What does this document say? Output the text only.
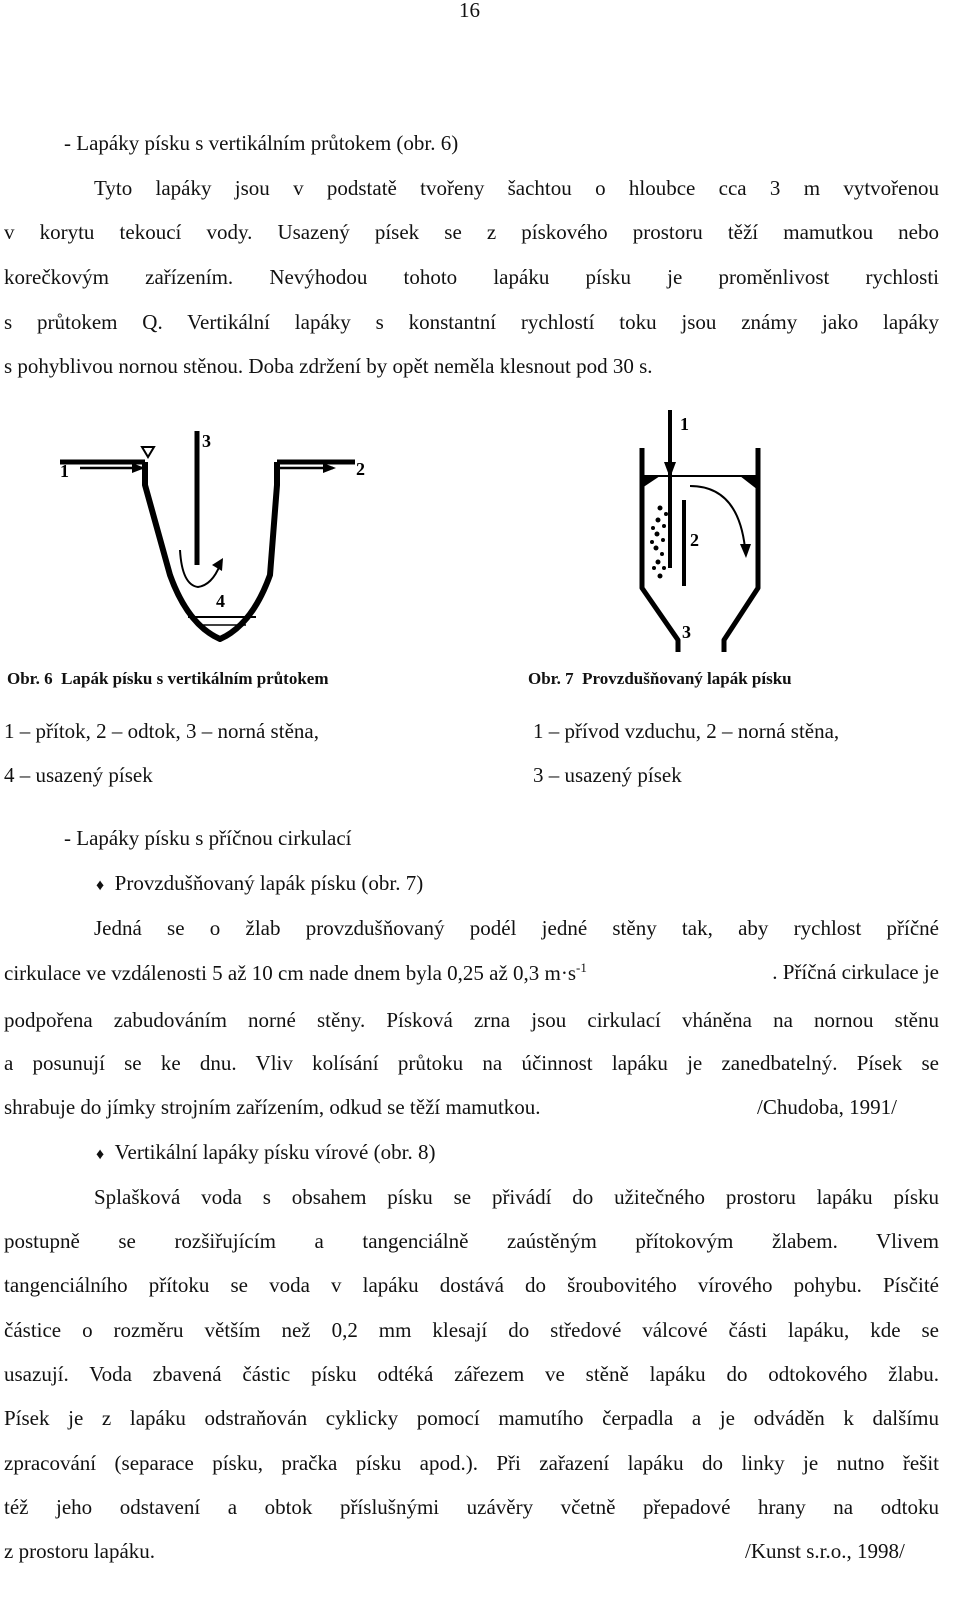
16
- Lapáky písku s vertikálním průtokem (obr. 6)
Tyto lapáky jsou v podstatě tvořeny šachtou o hloubce cca 3 m vytvořenou
v korytu tekoucí vody. Usazený písek se z pískového prostoru těží mamutkou nebo
korečkovým zařízením. Nevýhodou tohoto lapáku písku je proměnlivost rychlosti
s průtokem Q. Vertikální lapáky s konstantní rychlostí toku jsou známy jako lapáky
s pohyblivou nornou stěnou. Doba zdržení by opět neměla klesnout pod 30 s.
1	2
3
4
1
2
3
Obr. 6 Lapák písku s vertikálním průtokem	Obr. 7 Provzdušňovaný lapák písku
1 – přítok, 2 – odtok, 3 – norná stěna,
4 – usazený písek
1 – přívod vzduchu, 2 – norná stěna,
3 – usazený písek
- Lapáky písku s příčnou cirkulací
♦ Provzdušňovaný lapák písku (obr. 7)
Jedná se o žlab provzdušňovaný podél jedné stěny tak, aby rychlost příčné
cirkulace ve vzdálenosti 5 až 10 cm nade dnem byla 0,25 až 0,3 $m\cdot s^{-1}$	. Příčná cirkulace je
podpořena zabudováním norné stěny. Písková zrna jsou cirkulací vháněna na nornou stěnu
a posunují se ke dnu. Vliv kolísání průtoku na účinnost lapáku je zanedbatelný. Písek se
shrabuje do jímky strojním zařízením, odkud se těží mamutkou.	/Chudoba, 1991/
♦ Vertikální lapáky písku vírové (obr. 8)
Splašková voda s obsahem písku se přivádí do užitečného prostoru lapáku písku
postupně se rozšiřujícím a tangenciálně zaústěným přítokovým žlabem. Vlivem
tangenciálního přítoku se voda v lapáku dostává do šroubovitého vírového pohybu. Písčité
částice o rozměru větším než 0,2 mm klesají do středové válcové části lapáku, kde se
usazují. Voda zbavená částic písku odtéká zářezem ve stěně lapáku do odtokového žlabu.
Písek je z lapáku odstraňován cyklicky pomocí mamutího čerpadla a je odváděn k dalšímu
zpracování (separace písku, pračka písku apod.). Při zařazení lapáku do linky je nutno řešit
též jeho odstavení a obtok příslušnými uzávěry včetně přepadové hrany na odtoku
z prostoru lapáku.	/Kunst s.r.o., 1998/
